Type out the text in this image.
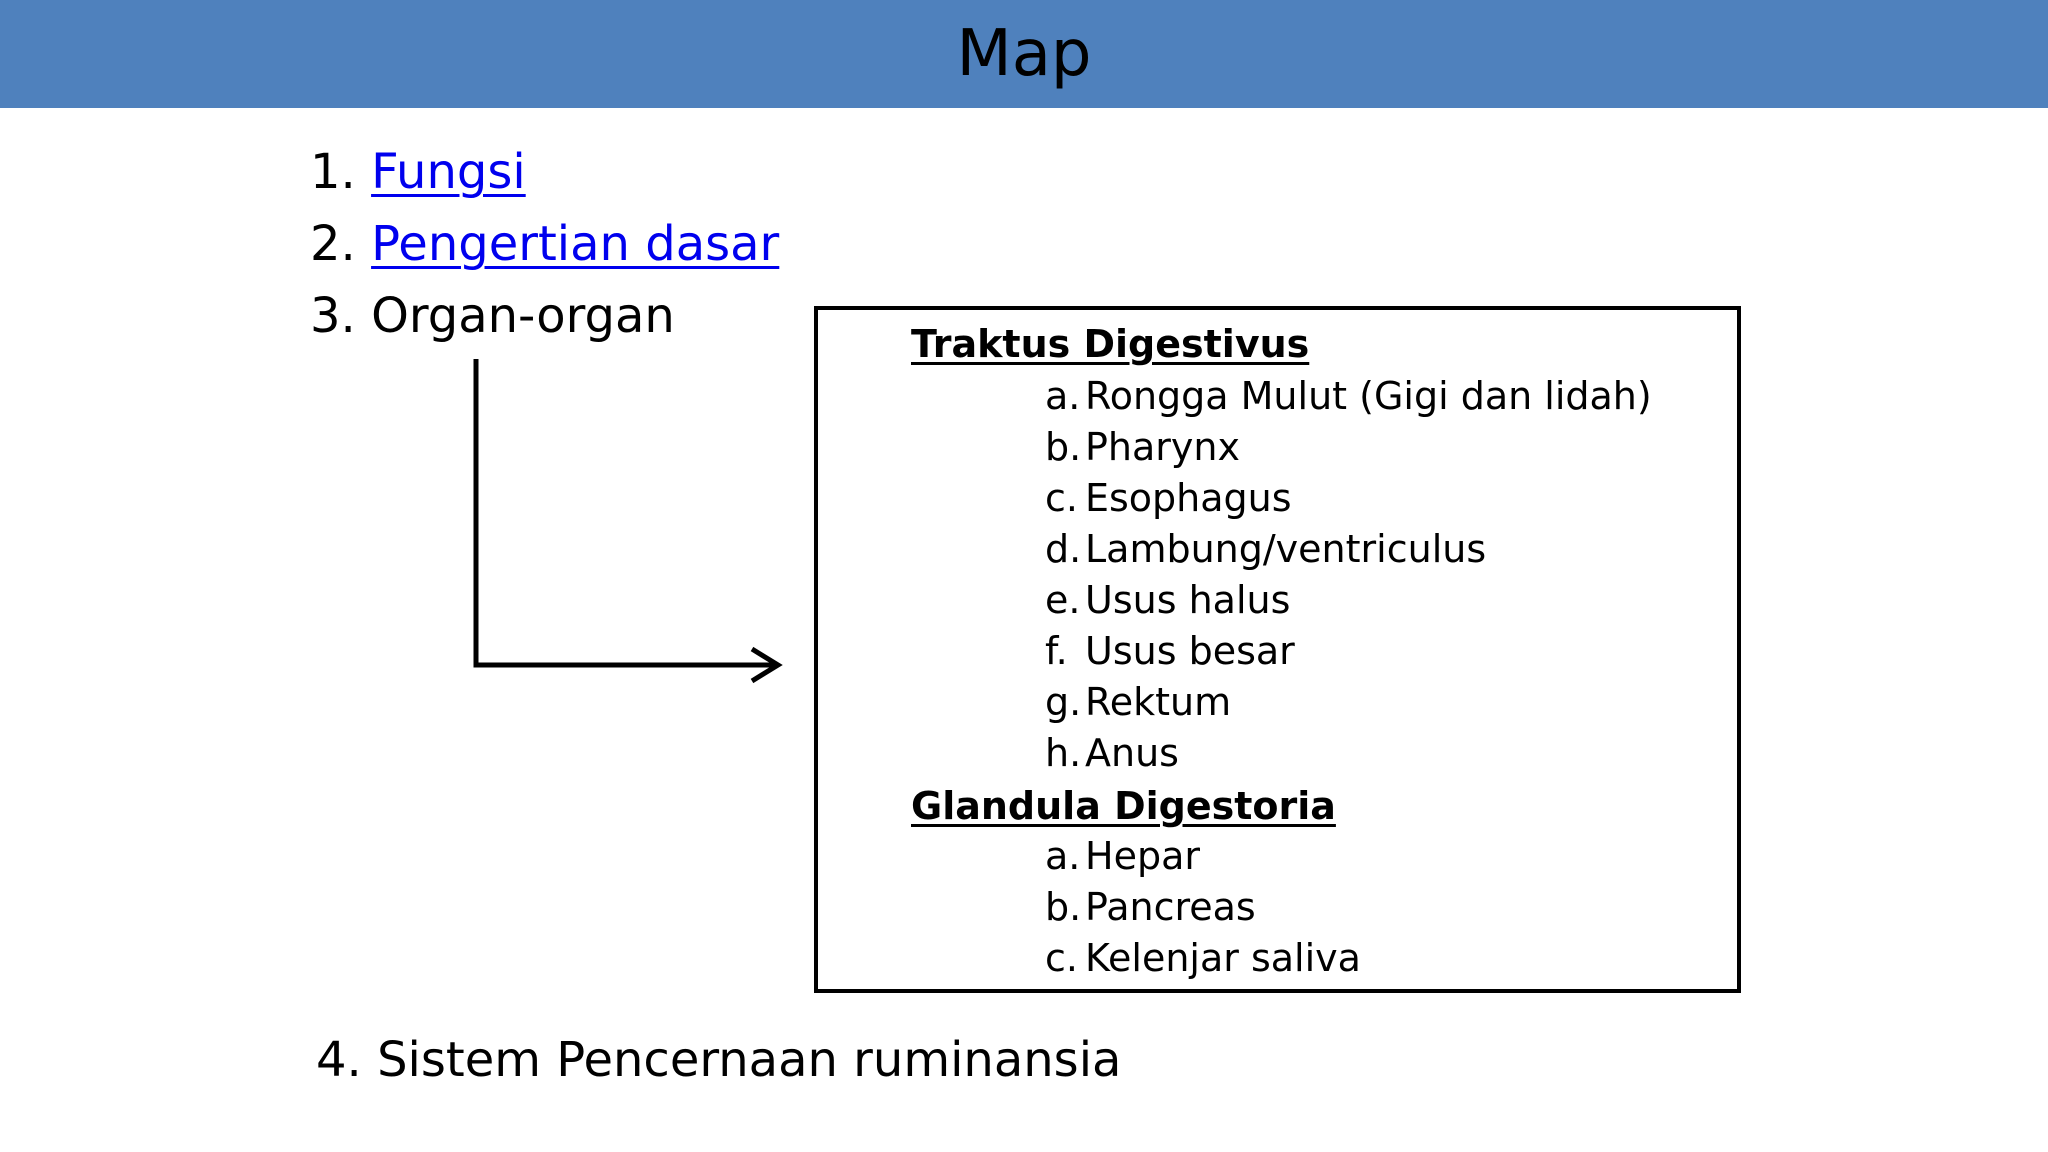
Map
1. Fungsi
2. Pengertian dasar
3. Organ-organ
4. Sistem Pencernaan ruminansia
Traktus Digestivus
a. Rongga Mulut (Gigi dan lidah)
b.Pharynx
c. Esophagus
d.Lambung/ventriculus
e. Usus halus
f. Usus besar
g.Rektum
h. Anus
Glandula Digestoria
a. Hepar
b.Pancreas
c. Kelenjar saliva
